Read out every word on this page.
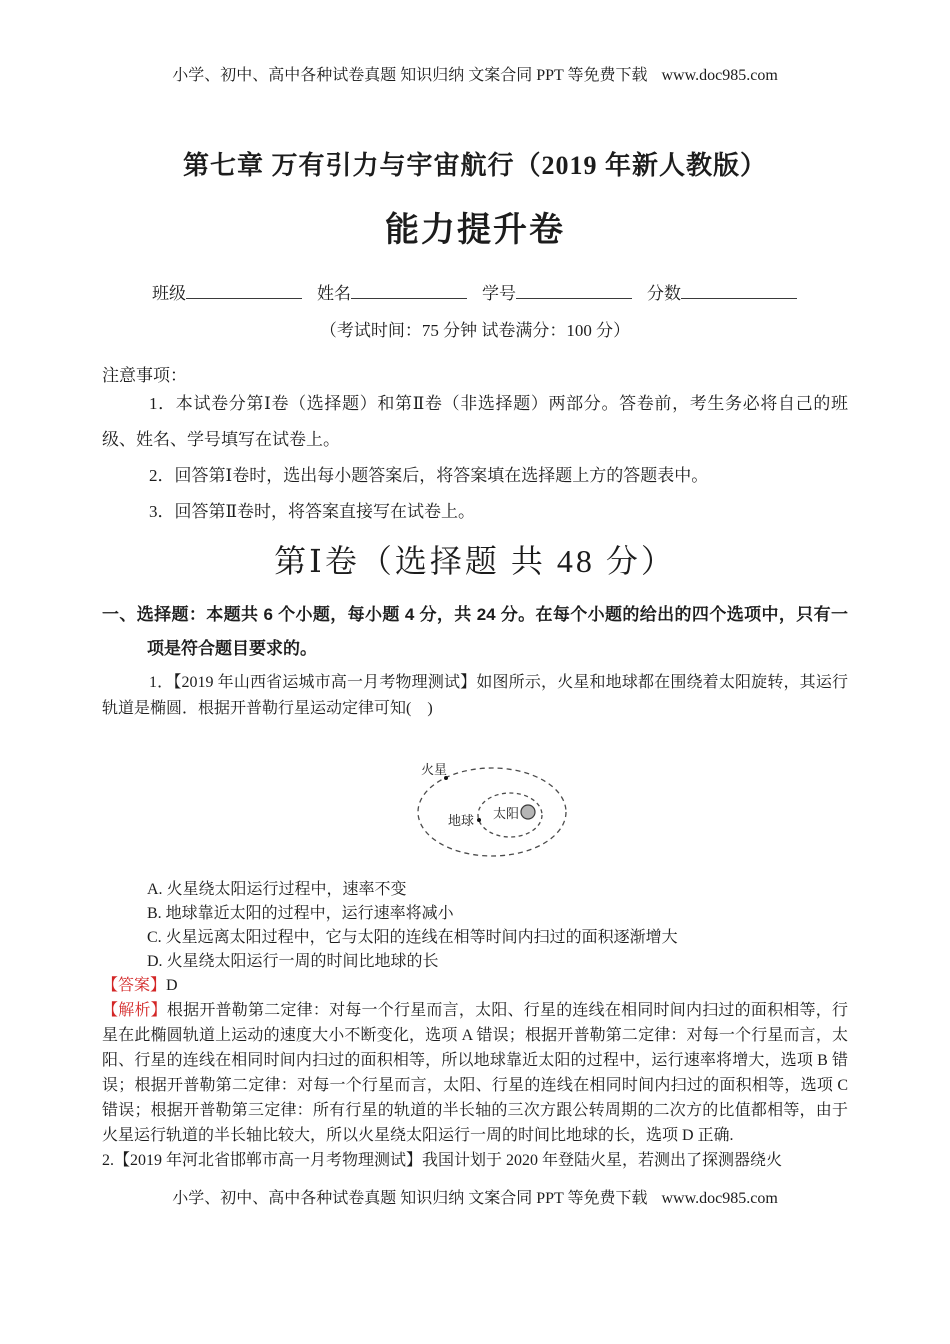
小学、初中、高中各种试卷真题 知识归纳 文案合同 PPT 等免费下载 www.doc985.com
第七章 万有引力与宇宙航行（2019 年新人教版）
能力提升卷
班级	姓名	学号	分数
（考试时间：75 分钟 试卷满分：100 分）
注意事项：

1．本试卷分第Ⅰ卷（选择题）和第Ⅱ卷（非选择题）两部分。答卷前，考生务必将自己的班级、姓名、学号填写在试卷上。

2．回答第Ⅰ卷时，选出每小题答案后，将答案填在选择题上方的答题表中。

3．回答第Ⅱ卷时，将答案直接写在试卷上。

第Ⅰ卷（选择题 共 48 分）

一、选择题：本题共 6 个小题，每小题 4 分，共 24 分。在每个小题的给出的四个选项中，只有一项是符合题目要求的。

1．【2019 年山西省运城市高一月考物理测试】如图所示，火星和地球都在围绕着太阳旋转，其运行轨道是椭圆．根据开普勒行星运动定律可知(　)

火星
地球 太阳

A. 火星绕太阳运行过程中，速率不变

B. 地球靠近太阳的过程中，运行速率将减小

C. 火星远离太阳过程中，它与太阳的连线在相等时间内扫过的面积逐渐增大

D. 火星绕太阳运行一周的时间比地球的长

【答案】D

【解析】根据开普勒第二定律：对每一个行星而言，太阳、行星的连线在相同时间内扫过的面积相等，行星在此椭圆轨道上运动的速度大小不断变化，选项 A 错误；根据开普勒第二定律：对每一个行星而言，太阳、行星的连线在相同时间内扫过的面积相等，所以地球靠近太阳的过程中，运行速率将增大，选项 B 错误；根据开普勒第二定律：对每一个行星而言，太阳、行星的连线在相同时间内扫过的面积相等，选项 C 错误；根据开普勒第三定律：所有行星的轨道的半长轴的三次方跟公转周期的二次方的比值都相等，由于火星运行轨道的半长轴比较大，所以火星绕太阳运行一周的时间比地球的长，选项 D 正确.

2.【2019 年河北省邯郸市高一月考物理测试】我国计划于 2020 年登陆火星，若测出了探测器绕火

小学、初中、高中各种试卷真题 知识归纳 文案合同 PPT 等免费下载 www.doc985.com
